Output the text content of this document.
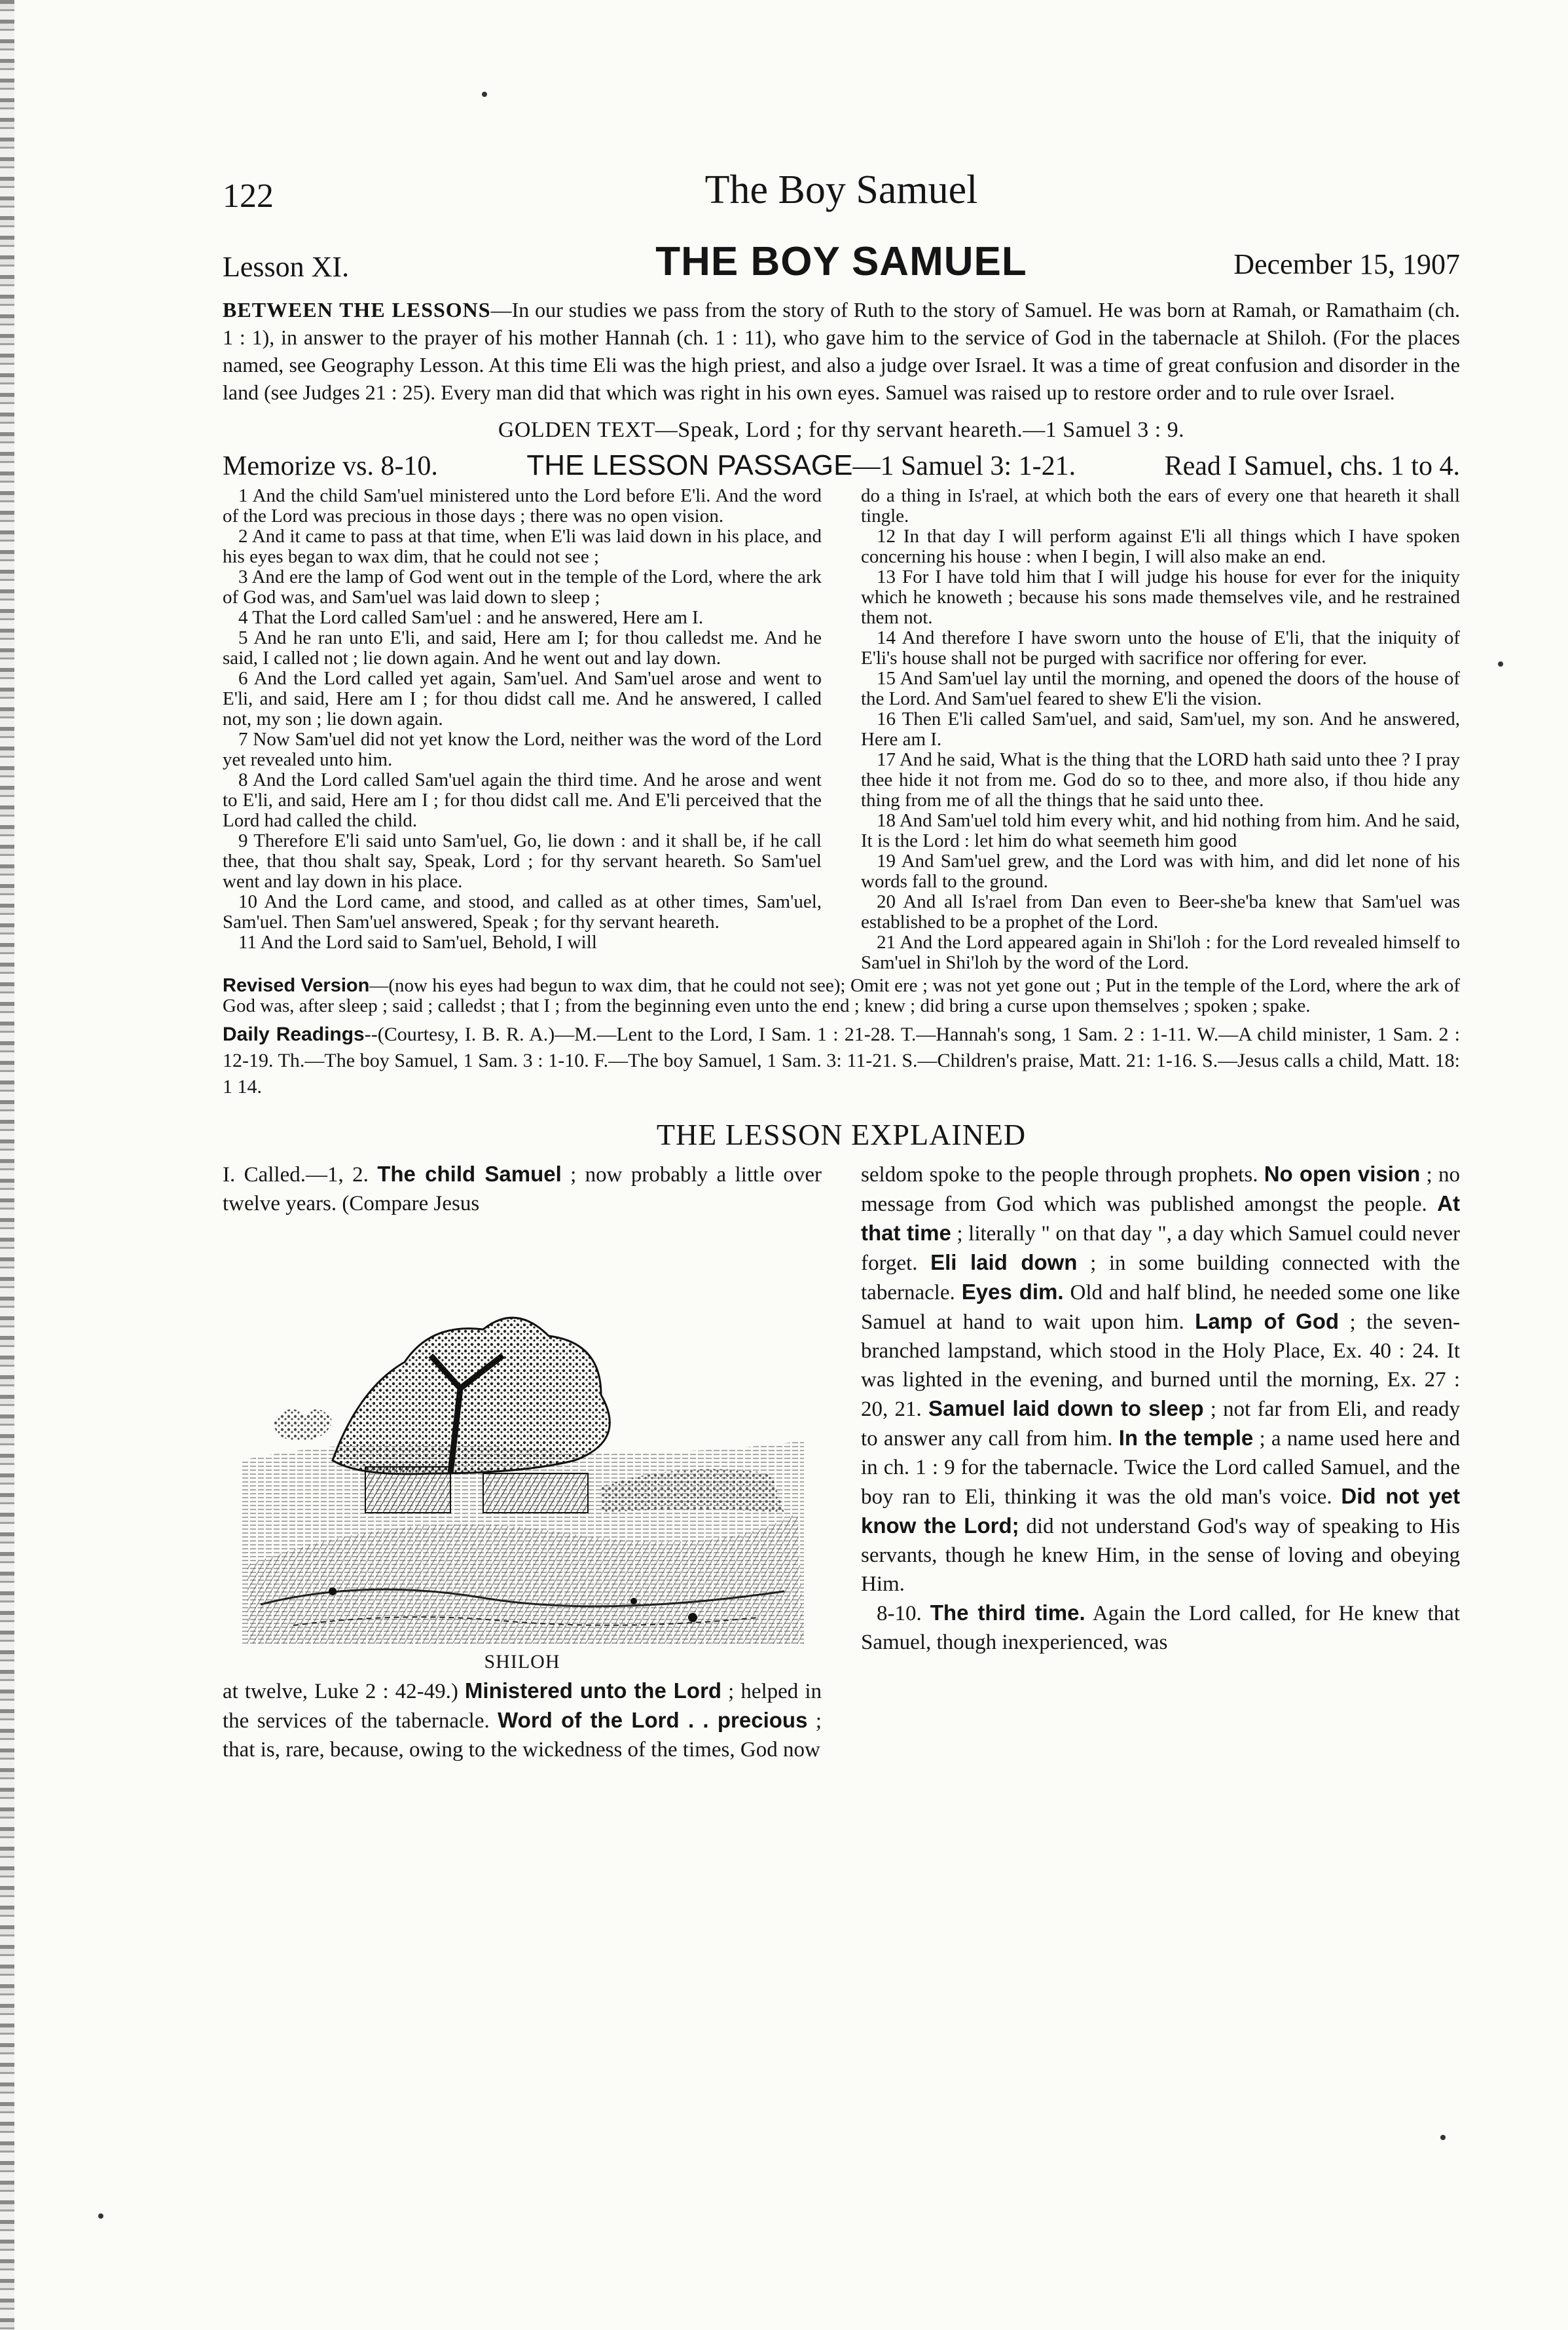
122	The Boy Samuel
Lesson XI.	THE BOY SAMUEL	December 15, 1907
BETWEEN THE LESSONS—In our studies we pass from the story of Ruth to the story of Samuel. He was born at Ramah, or Ramathaim (ch. 1 : 1), in answer to the prayer of his mother Hannah (ch. 1 : 11), who gave him to the service of God in the tabernacle at Shiloh. (For the places named, see Geography Lesson. At this time Eli was the high priest, and also a judge over Israel. It was a time of great confusion and disorder in the land (see Judges 21 : 25). Every man did that which was right in his own eyes. Samuel was raised up to restore order and to rule over Israel.
GOLDEN TEXT—Speak, Lord ; for thy servant heareth.—1 Samuel 3 : 9.
Memorize vs. 8-10.	THE LESSON PASSAGE—1 Samuel 3: 1-21.	Read I Samuel, chs. 1 to 4.

1 And the child Sam'uel ministered unto the Lord before E'li. And the word of the Lord was precious in those days ; there was no open vision.

2 And it came to pass at that time, when E'li was laid down in his place, and his eyes began to wax dim, that he could not see ;

3 And ere the lamp of God went out in the temple of the Lord, where the ark of God was, and Sam'uel was laid down to sleep ;

4 That the Lord called Sam'uel : and he answered, Here am I.

5 And he ran unto E'li, and said, Here am I; for thou calledst me. And he said, I called not ; lie down again. And he went out and lay down.

6 And the Lord called yet again, Sam'uel. And Sam'uel arose and went to E'li, and said, Here am I ; for thou didst call me. And he answered, I called not, my son ; lie down again.

7 Now Sam'uel did not yet know the Lord, neither was the word of the Lord yet revealed unto him.

8 And the Lord called Sam'uel again the third time. And he arose and went to E'li, and said, Here am I ; for thou didst call me. And E'li perceived that the Lord had called the child.

9 Therefore E'li said unto Sam'uel, Go, lie down : and it shall be, if he call thee, that thou shalt say, Speak, Lord ; for thy servant heareth. So Sam'uel went and lay down in his place.

10 And the Lord came, and stood, and called as at other times, Sam'uel, Sam'uel. Then Sam'uel answered, Speak ; for thy servant heareth.

11 And the Lord said to Sam'uel, Behold, I will

do a thing in Is'rael, at which both the ears of every one that heareth it shall tingle.

12 In that day I will perform against E'li all things which I have spoken concerning his house : when I begin, I will also make an end.

13 For I have told him that I will judge his house for ever for the iniquity which he knoweth ; because his sons made themselves vile, and he restrained them not.

14 And therefore I have sworn unto the house of E'li, that the iniquity of E'li's house shall not be purged with sacrifice nor offering for ever.

15 And Sam'uel lay until the morning, and opened the doors of the house of the Lord. And Sam'uel feared to shew E'li the vision.

16 Then E'li called Sam'uel, and said, Sam'uel, my son. And he answered, Here am I.

17 And he said, What is the thing that the LORD hath said unto thee ? I pray thee hide it not from me. God do so to thee, and more also, if thou hide any thing from me of all the things that he said unto thee.

18 And Sam'uel told him every whit, and hid nothing from him. And he said, It is the Lord : let him do what seemeth him good

19 And Sam'uel grew, and the Lord was with him, and did let none of his words fall to the ground.

20 And all Is'rael from Dan even to Beer-she'ba knew that Sam'uel was established to be a prophet of the Lord.

21 And the Lord appeared again in Shi'loh : for the Lord revealed himself to Sam'uel in Shi'loh by the word of the Lord.

Revised Version—(now his eyes had begun to wax dim, that he could not see); Omit ere ; was not yet gone out ; Put in the temple of the Lord, where the ark of God was, after sleep ; said ; calledst ; that I ; from the beginning even unto the end ; knew ; did bring a curse upon themselves ; spoken ; spake.
Daily Readings--(Courtesy, I. B. R. A.)—M.—Lent to the Lord, I Sam. 1 : 21-28. T.—Hannah's song, 1 Sam. 2 : 1-11. W.—A child minister, 1 Sam. 2 : 12-19. Th.—The boy Samuel, 1 Sam. 3 : 1-10. F.—The boy Samuel, 1 Sam. 3: 11-21. S.—Children's praise, Matt. 21: 1-16. S.—Jesus calls a child, Matt. 18: 1 14.
THE LESSON EXPLAINED

I. Called.—1, 2. The child Samuel ; now probably a little over twelve years. (Compare Jesus

SHILOH

at twelve, Luke 2 : 42-49.) Ministered unto the Lord ; helped in the services of the tabernacle. Word of the Lord . . precious ; that is, rare, because, owing to the wickedness of the times, God now

seldom spoke to the people through prophets. No open vision ; no message from God which was published amongst the people. At that time ; literally " on that day ", a day which Samuel could never forget. Eli laid down ; in some building connected with the tabernacle. Eyes dim. Old and half blind, he needed some one like Samuel at hand to wait upon him. Lamp of God ; the seven-branched lampstand, which stood in the Holy Place, Ex. 40 : 24. It was lighted in the evening, and burned until the morning, Ex. 27 : 20, 21. Samuel laid down to sleep ; not far from Eli, and ready to answer any call from him. In the temple ; a name used here and in ch. 1 : 9 for the tabernacle. Twice the Lord called Samuel, and the boy ran to Eli, thinking it was the old man's voice. Did not yet know the Lord; did not understand God's way of speaking to His servants, though he knew Him, in the sense of loving and obeying Him.

8-10. The third time. Again the Lord called, for He knew that Samuel, though inexperienced, was
